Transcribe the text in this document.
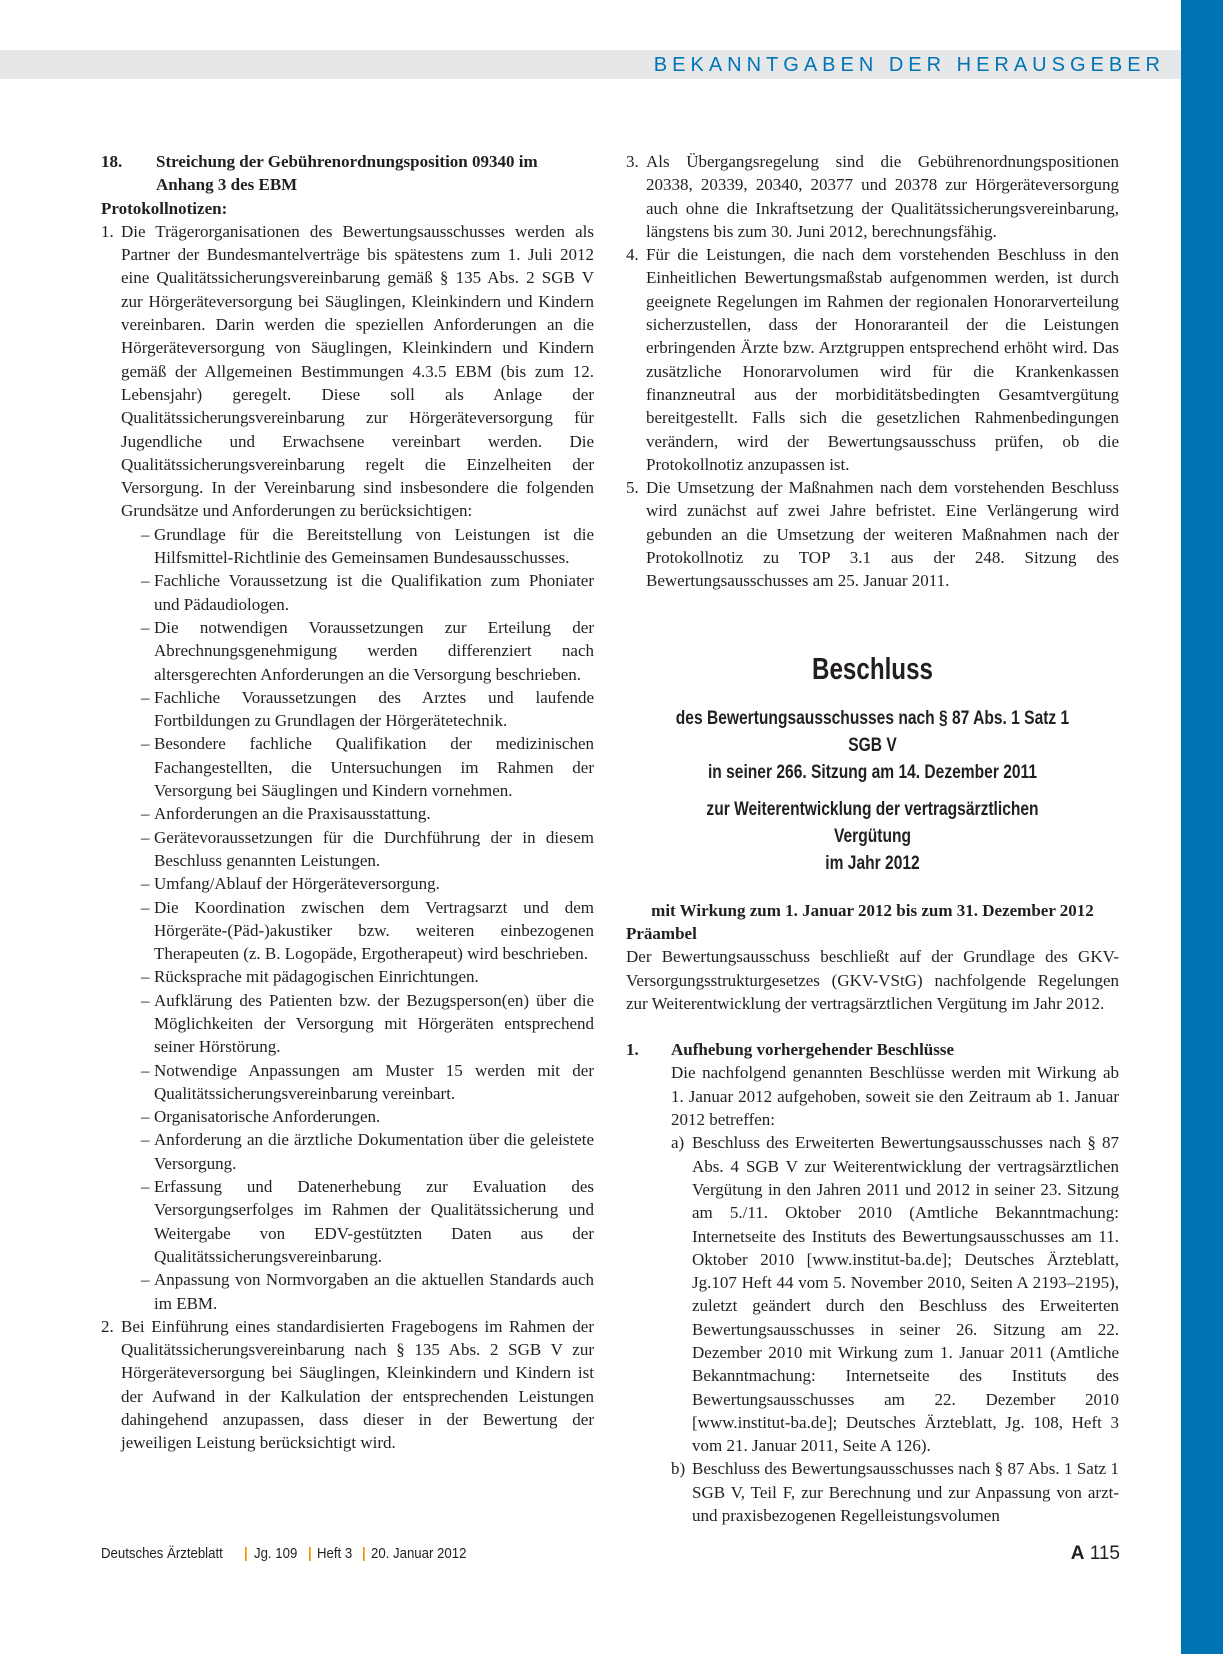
BEKANNTGABEN DER HERAUSGEBER
18.	Streichung der Gebührenordnungsposition 09340 im Anhang 3 des EBM

Protokollnotizen:

1. Die Trägerorganisationen des Bewertungsausschusses werden als Partner der Bundesmantelverträge bis spätestens zum 1. Juli 2012 eine Qualitätssicherungsvereinbarung gemäß § 135 Abs. 2 SGB V zur Hörgeräteversorgung bei Säuglingen, Kleinkindern und Kindern vereinbaren. Darin werden die speziellen Anforderungen an die Hörgeräteversorgung von Säuglingen, Kleinkindern und Kindern gemäß der Allgemeinen Bestimmungen 4.3.5 EBM (bis zum 12. Lebensjahr) geregelt. Diese soll als Anlage der Qualitätssicherungsvereinbarung zur Hörgeräteversorgung für Jugendliche und Erwachsene vereinbart werden. Die Qualitätssicherungsvereinbarung regelt die Einzelheiten der Versorgung. In der Vereinbarung sind insbesondere die folgenden Grundsätze und Anforderungen zu berücksichtigen:
– Grundlage für die Bereitstellung von Leistungen ist die Hilfsmittel-Richtlinie des Gemeinsamen Bundesausschusses.
– Fachliche Voraussetzung ist die Qualifikation zum Phoniater und Pädaudiologen.
– Die notwendigen Voraussetzungen zur Erteilung der Abrechnungsgenehmigung werden differenziert nach altersgerechten Anforderungen an die Versorgung beschrieben.
– Fachliche Voraussetzungen des Arztes und laufende Fortbildungen zu Grundlagen der Hörgerätetechnik.
– Besondere fachliche Qualifikation der medizinischen Fachangestellten, die Untersuchungen im Rahmen der Versorgung bei Säuglingen und Kindern vornehmen.
– Anforderungen an die Praxisausstattung.
– Gerätevoraussetzungen für die Durchführung der in diesem Beschluss genannten Leistungen.
– Umfang/Ablauf der Hörgeräteversorgung.
– Die Koordination zwischen dem Vertragsarzt und dem Hörgeräte-(Päd-)akustiker bzw. weiteren einbezogenen Therapeuten (z. B. Logopäde, Ergotherapeut) wird beschrieben.
– Rücksprache mit pädagogischen Einrichtungen.
– Aufklärung des Patienten bzw. der Bezugsperson(en) über die Möglichkeiten der Versorgung mit Hörgeräten entsprechend seiner Hörstörung.
– Notwendige Anpassungen am Muster 15 werden mit der Qualitätssicherungsvereinbarung vereinbart.
– Organisatorische Anforderungen.
– Anforderung an die ärztliche Dokumentation über die geleistete Versorgung.
– Erfassung und Datenerhebung zur Evaluation des Versorgungserfolges im Rahmen der Qualitätssicherung und Weitergabe von EDV-gestützten Daten aus der Qualitätssicherungsvereinbarung.
– Anpassung von Normvorgaben an die aktuellen Standards auch im EBM.
2. Bei Einführung eines standardisierten Fragebogens im Rahmen der Qualitätssicherungsvereinbarung nach § 135 Abs. 2 SGB V zur Hörgeräteversorgung bei Säuglingen, Kleinkindern und Kindern ist der Aufwand in der Kalkulation der entsprechenden Leistungen dahingehend anzupassen, dass dieser in der Bewertung der jeweiligen Leistung berücksichtigt wird.
3. Als Übergangsregelung sind die Gebührenordnungspositionen 20338, 20339, 20340, 20377 und 20378 zur Hörgeräteversorgung auch ohne die Inkraftsetzung der Qualitätssicherungsvereinbarung, längstens bis zum 30. Juni 2012, berechnungsfähig.
4. Für die Leistungen, die nach dem vorstehenden Beschluss in den Einheitlichen Bewertungsmaßstab aufgenommen werden, ist durch geeignete Regelungen im Rahmen der regionalen Honorarverteilung sicherzustellen, dass der Honoraranteil der die Leistungen erbringenden Ärzte bzw. Arztgruppen entsprechend erhöht wird. Das zusätzliche Honorarvolumen wird für die Krankenkassen finanzneutral aus der morbiditätsbedingten Gesamtvergütung bereitgestellt. Falls sich die gesetzlichen Rahmenbedingungen verändern, wird der Bewertungsausschuss prüfen, ob die Protokollnotiz anzupassen ist.
5. Die Umsetzung der Maßnahmen nach dem vorstehenden Beschluss wird zunächst auf zwei Jahre befristet. Eine Verlängerung wird gebunden an die Umsetzung der weiteren Maßnahmen nach der Protokollnotiz zu TOP 3.1 aus der 248. Sitzung des Bewertungsausschusses am 25. Januar 2011.
Beschluss
des Bewertungsausschusses nach § 87 Abs. 1 Satz 1 SGB V
in seiner 266. Sitzung am 14. Dezember 2011
zur Weiterentwicklung der vertragsärztlichen Vergütung
im Jahr 2012
mit Wirkung zum 1. Januar 2012 bis zum 31. Dezember 2012

Präambel

Der Bewertungsausschuss beschließt auf der Grundlage des GKV-Versorgungsstrukturgesetzes (GKV-VStG) nachfolgende Regelungen zur Weiterentwicklung der vertragsärztlichen Vergütung im Jahr 2012.

1.	Aufhebung vorhergehender Beschlüsse

Die nachfolgend genannten Beschlüsse werden mit Wirkung ab 1. Januar 2012 aufgehoben, soweit sie den Zeitraum ab 1. Januar 2012 betreffen:

a) Beschluss des Erweiterten Bewertungsausschusses nach § 87 Abs. 4 SGB V zur Weiterentwicklung der vertragsärztlichen Vergütung in den Jahren 2011 und 2012 in seiner 23. Sitzung am 5./11. Oktober 2010 (Amtliche Bekanntmachung: Internetseite des Instituts des Bewertungsausschusses am 11. Oktober 2010 [www.institut-ba.de]; Deutsches Ärzteblatt, Jg.107 Heft 44 vom 5. November 2010, Seiten A 2193–2195), zuletzt geändert durch den Beschluss des Erweiterten Bewertungsausschusses in seiner 26. Sitzung am 22. Dezember 2010 mit Wirkung zum 1. Januar 2011 (Amtliche Bekanntmachung: Internetseite des Instituts des Bewertungsausschusses am 22. Dezember 2010 [www.institut-ba.de]; Deutsches Ärzteblatt, Jg. 108, Heft 3 vom 21. Januar 2011, Seite A 126).
b) Beschluss des Bewertungsausschusses nach § 87 Abs. 1 Satz 1 SGB V, Teil F, zur Berechnung und zur Anpassung von arzt- und praxisbezogenen Regelleistungsvolumen
Deutsches Ärzteblatt | Jg. 109 | Heft 3 | 20. Januar 2012	A 115
